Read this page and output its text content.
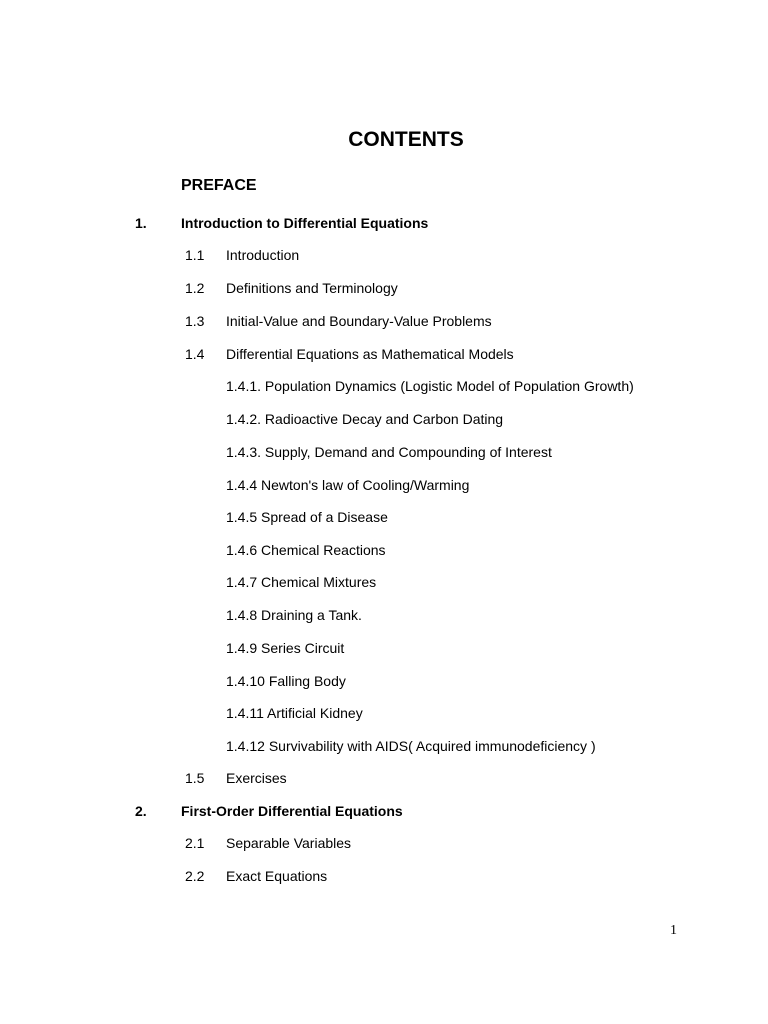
CONTENTS
PREFACE
1. Introduction to Differential Equations
1.1 Introduction
1.2 Definitions and Terminology
1.3 Initial-Value and Boundary-Value Problems
1.4 Differential Equations as Mathematical Models
1.4.1. Population Dynamics (Logistic Model of Population Growth)
1.4.2. Radioactive Decay and Carbon Dating
1.4.3. Supply, Demand and Compounding of Interest
1.4.4 Newton's law of Cooling/Warming
1.4.5 Spread of a Disease
1.4.6 Chemical Reactions
1.4.7 Chemical Mixtures
1.4.8 Draining a Tank.
1.4.9 Series Circuit
1.4.10 Falling Body
1.4.11 Artificial Kidney
1.4.12 Survivability with AIDS( Acquired immunodeficiency )
1.5 Exercises
2. First-Order Differential Equations
2.1 Separable Variables
2.2 Exact Equations
1
